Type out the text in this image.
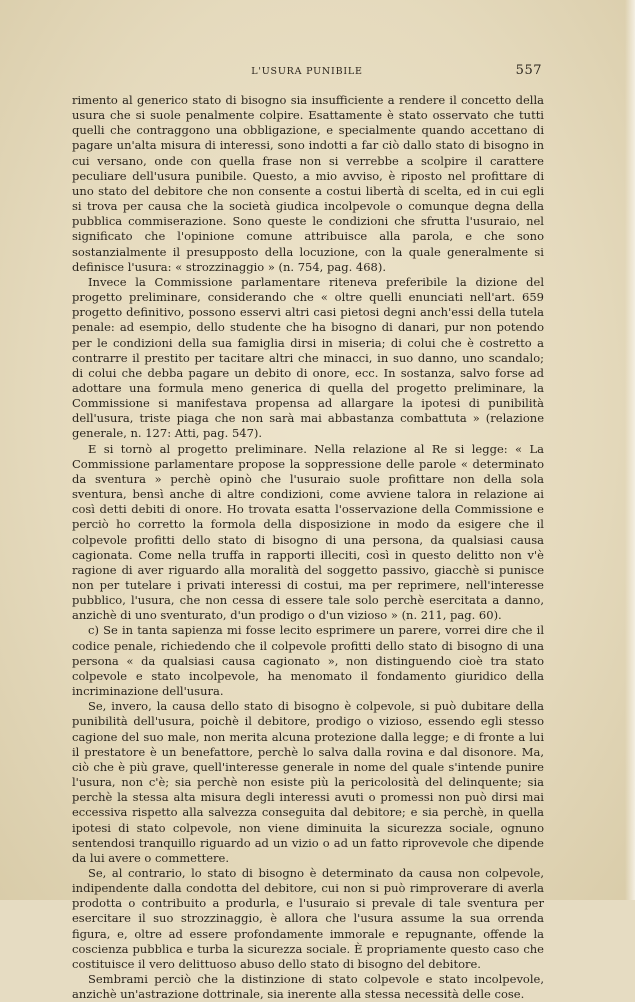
L'USURA PUNIBILE	557

rimento al generico stato di bisogno sia insufficiente a rendere il concetto della usura che si suole penalmente colpire. Esattamente è stato osservato che tutti quelli che contraggono una obbligazione, e specialmente quando accettano di pagare un'alta misura di interessi, sono indotti a far ciò dallo stato di bisogno in cui versano, onde con quella frase non si verrebbe a scolpire il carattere peculiare dell'usura punibile. Questo, a mio avviso, è riposto nel profittare di uno stato del debitore che non consente a costui libertà di scelta, ed in cui egli si trova per causa che la società giudica incolpevole o comunque degna della pubblica commiserazione. Sono queste le condizioni che sfrutta l'usuraio, nel significato che l'opinione comune attribuisce alla parola, e che sono sostanzialmente il presupposto della locuzione, con la quale generalmente si definisce l'usura: « strozzinaggio » (n. 754, pag. 468).

Invece la Commissione parlamentare riteneva preferibile la dizione del progetto preliminare, considerando che « oltre quelli enunciati nell'art. 659 progetto definitivo, possono esservi altri casi pietosi degni anch'essi della tutela penale: ad esempio, dello studente che ha bisogno di danari, pur non potendo per le condizioni della sua famiglia dirsi in miseria; di colui che è costretto a contrarre il prestito per tacitare altri che minacci, in suo danno, uno scandalo; di colui che debba pagare un debito di onore, ecc. In sostanza, salvo forse ad adottare una formula meno generica di quella del progetto preliminare, la Commissione si manifestava propensa ad allargare la ipotesi di punibilità dell'usura, triste piaga che non sarà mai abbastanza combattuta » (relazione generale, n. 127: Atti, pag. 547).

E si tornò al progetto preliminare. Nella relazione al Re si legge: « La Commissione parlamentare propose la soppressione delle parole « determinato da sventura » perchè opinò che l'usuraio suole profittare non della sola sventura, bensì anche di altre condizioni, come avviene talora in relazione ai così detti debiti di onore. Ho trovata esatta l'osservazione della Commissione e perciò ho corretto la formola della disposizione in modo da esigere che il colpevole profitti dello stato di bisogno di una persona, da qualsiasi causa cagionata. Come nella truffa in rapporti illeciti, così in questo delitto non v'è ragione di aver riguardo alla moralità del soggetto passivo, giacchè si punisce non per tutelare i privati interessi di costui, ma per reprimere, nell'interesse pubblico, l'usura, che non cessa di essere tale solo perchè esercitata a danno, anzichè di uno sventurato, d'un prodigo o d'un vizioso » (n. 211, pag. 60).

c) Se in tanta sapienza mi fosse lecito esprimere un parere, vorrei dire che il codice penale, richiedendo che il colpevole profitti dello stato di bisogno di una persona « da qualsiasi causa cagionato », non distinguendo cioè tra stato colpevole e stato incolpevole, ha menomato il fondamento giuridico della incriminazione dell'usura.

Se, invero, la causa dello stato di bisogno è colpevole, si può dubitare della punibilità dell'usura, poichè il debitore, prodigo o vizioso, essendo egli stesso cagione del suo male, non merita alcuna protezione dalla legge; e di fronte a lui il prestatore è un benefattore, perchè lo salva dalla rovina e dal disonore. Ma, ciò che è più grave, quell'interesse generale in nome del quale s'intende punire l'usura, non c'è; sia perchè non esiste più la pericolosità del delinquente; sia perchè la stessa alta misura degli interessi avuti o promessi non può dirsi mai eccessiva rispetto alla salvezza conseguita dal debitore; e sia perchè, in quella ipotesi di stato colpevole, non viene diminuita la sicurezza sociale, ognuno sentendosi tranquillo riguardo ad un vizio o ad un fatto riprovevole che dipende da lui avere o commettere.

Se, al contrario, lo stato di bisogno è determinato da causa non colpevole, indipendente dalla condotta del debitore, cui non si può rimproverare di averla prodotta o contribuito a produrla, e l'usuraio si prevale di tale sventura per esercitare il suo strozzinaggio, è allora che l'usura assume la sua orrenda figura, e, oltre ad essere profondamente immorale e repugnante, offende la coscienza pubblica e turba la sicurezza sociale. È propriamente questo caso che costituisce il vero delittuoso abuso dello stato di bisogno del debitore.

Sembrami perciò che la distinzione di stato colpevole e stato incolpevole, anzichè un'astrazione dottrinale, sia inerente alla stessa necessità delle cose.
